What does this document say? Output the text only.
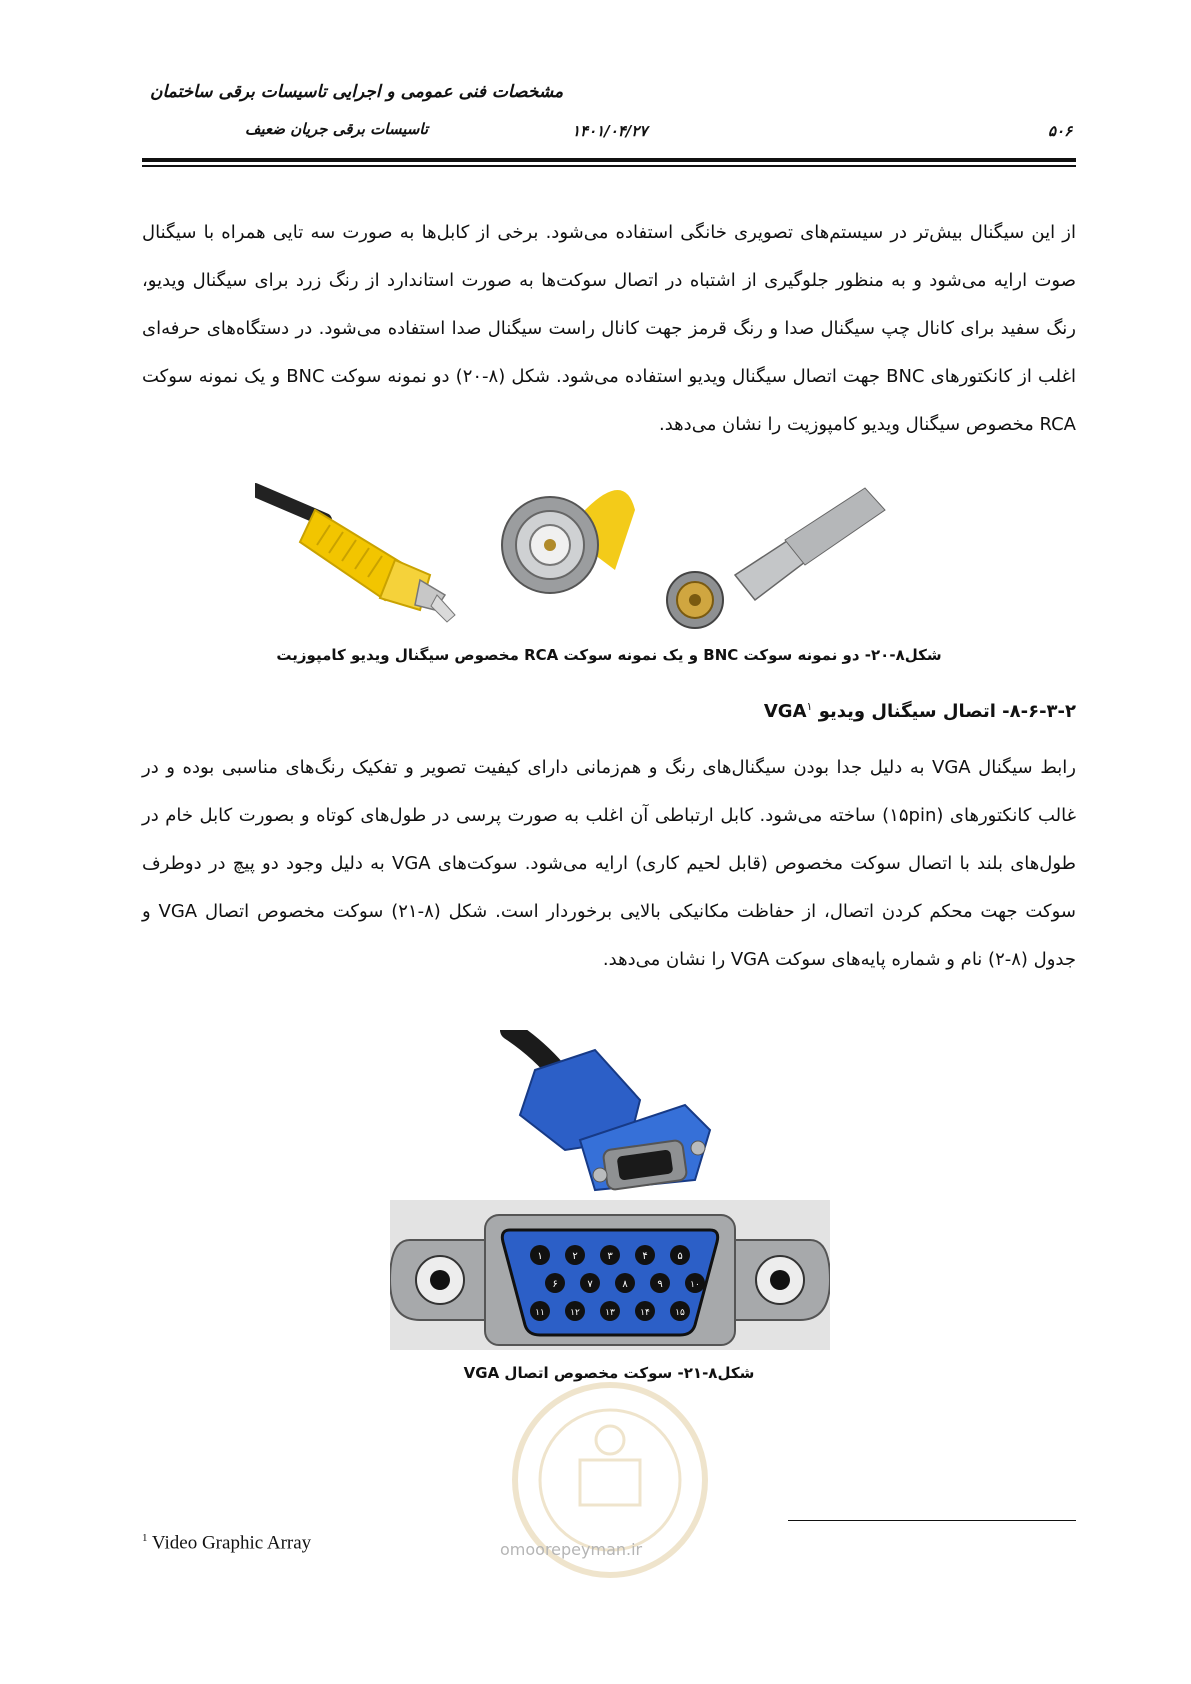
مشخصات فنی عمومی و اجرایی تاسیسات برقی ساختمان
تاسیسات برقی جریان ضعیف	۱۴۰۱/۰۴/۲۷	۵۰۶
از این سیگنال بیش‌تر در سیستم‌های تصویری خانگی استفاده می‌شود. برخی از کابل‌ها به صورت سه تایی همراه با سیگنال صوت ارایه می‌شود و به منظور جلوگیری از اشتباه در اتصال سوکت‌ها به صورت استاندارد از رنگ زرد برای سیگنال ویدیو، رنگ سفید برای کانال چپ سیگنال صدا و رنگ قرمز جهت کانال راست سیگنال صدا استفاده می‌شود. در دستگاه‌های حرفه‌ای اغلب از کانکتورهای BNC جهت اتصال سیگنال ویدیو استفاده می‌شود. شکل (۸-۲۰) دو نمونه سوکت BNC و یک نمونه سوکت RCA مخصوص سیگنال ویدیو کامپوزیت را نشان می‌دهد.
شکل۸-۲۰- دو نمونه سوکت BNC و یک نمونه سوکت RCA مخصوص سیگنال ویدیو کامپوزیت
۸-۶-۳-۲- اتصال سیگنال ویدیو VGA$^۱$
رابط سیگنال VGA به دلیل جدا بودن سیگنال‌های رنگ و هم‌زمانی دارای کیفیت تصویر و تفکیک رنگ‌های مناسبی بوده و در غالب کانکتورهای (۱۵pin) ساخته می‌شود. کابل ارتباطی آن اغلب به صورت پرسی در طول‌های کوتاه و بصورت کابل خام در طول‌های بلند با اتصال سوکت مخصوص (قابل لحیم کاری) ارایه می‌شود. سوکت‌های VGA به دلیل وجود دو پیچ در دوطرف سوکت جهت محکم کردن اتصال، از حفاظت مکانیکی بالایی برخوردار است. شکل (۸-۲۱) سوکت مخصوص اتصال VGA و جدول (۸-۲) نام و شماره پایه‌های سوکت VGA را نشان می‌دهد.
۱	۲	۳	۴	۵
۶	۷	۸	۹	۱۰
۱۱	۱۲	۱۳	۱۴	۱۵
شکل۸-۲۱- سوکت مخصوص اتصال VGA
omoorepeyman.ir
$^1$ Video Graphic Array
